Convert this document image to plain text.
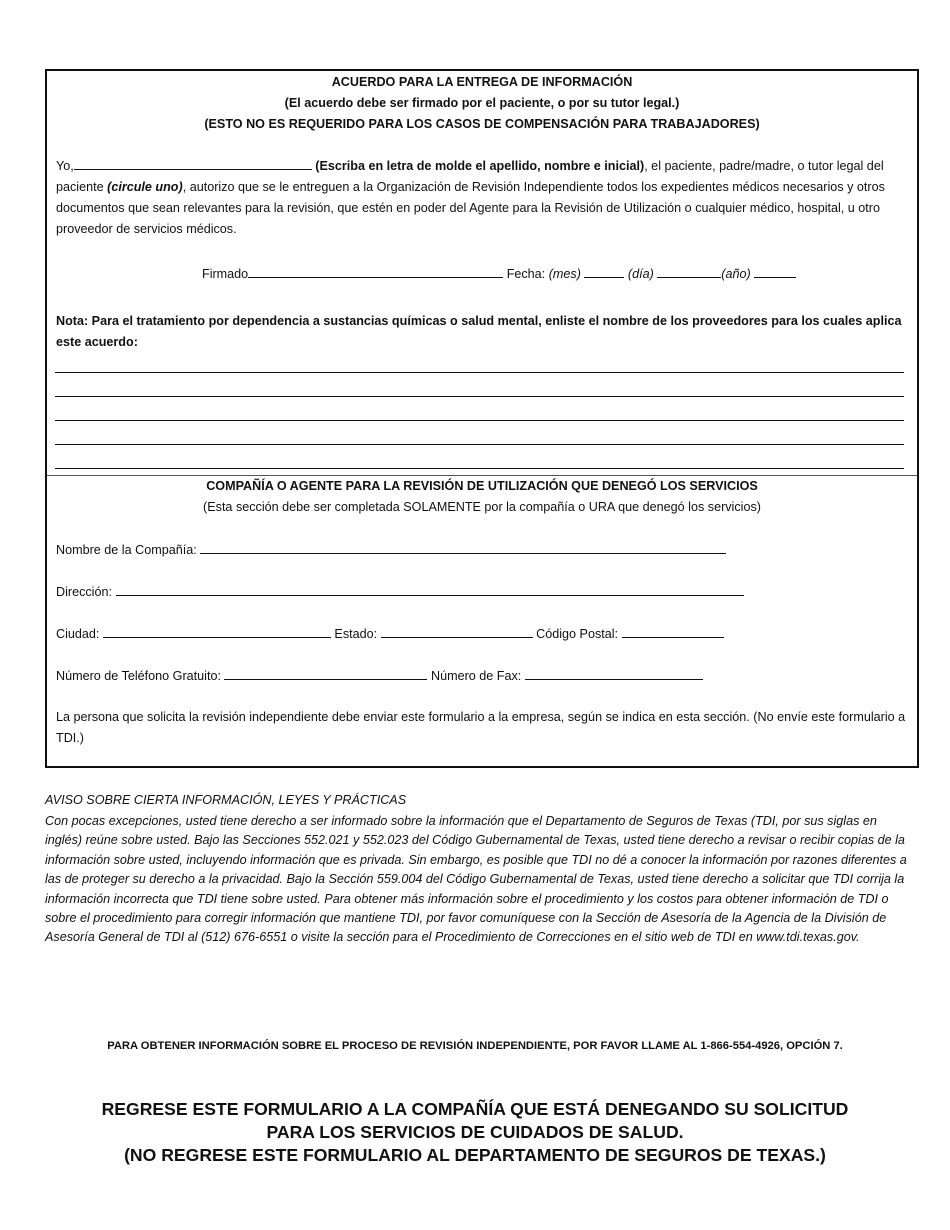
ACUERDO PARA LA ENTREGA DE INFORMACIÓN
(El acuerdo debe ser firmado por el paciente, o por su tutor legal.)
(ESTO NO ES REQUERIDO PARA LOS CASOS DE COMPENSACIÓN PARA TRABAJADORES)
Yo,	(Escriba en letra de molde el apellido, nombre e inicial), el paciente, padre/madre, o tutor legal del paciente (circule uno), autorizo que se le entreguen a la Organización de Revisión Independiente todos los expedientes médicos necesarios y otros documentos que sean relevantes para la revisión, que estén en poder del Agente para la Revisión de Utilización o cualquier médico, hospital, u otro proveedor de servicios médicos.
Firmado	Fecha: (mes)	(día)	(año)
Nota: Para el tratamiento por dependencia a sustancias químicas o salud mental, enliste el nombre de los proveedores para los cuales aplica este acuerdo:
COMPAÑÍA O AGENTE PARA LA REVISIÓN DE UTILIZACIÓN QUE DENEGÓ LOS SERVICIOS
(Esta sección debe ser completada SOLAMENTE por la compañía o URA que denegó los servicios)
Nombre de la Compañía:
Dirección:
Ciudad:	Estado:	Código Postal:
Número de Teléfono Gratuito:	Número de Fax:
La persona que solicita la revisión independiente debe enviar este formulario a la empresa, según se indica en esta sección. (No envíe este formulario a TDI.)
AVISO SOBRE CIERTA INFORMACIÓN, LEYES Y PRÁCTICAS
Con pocas excepciones, usted tiene derecho a ser informado sobre la información que el Departamento de Seguros de Texas (TDI, por sus siglas en inglés) reúne sobre usted. Bajo las Secciones 552.021 y 552.023 del Código Gubernamental de Texas, usted tiene derecho a revisar o recibir copias de la información sobre usted, incluyendo información que es privada. Sin embargo, es posible que TDI no dé a conocer la información por razones diferentes a las de proteger su derecho a la privacidad. Bajo la Sección 559.004 del Código Gubernamental de Texas, usted tiene derecho a solicitar que TDI corrija la información incorrecta que TDI tiene sobre usted. Para obtener más información sobre el procedimiento y los costos para obtener información de TDI o sobre el procedimiento para corregir información que mantiene TDI, por favor comuníquese con la Sección de Asesoría de la Agencia de la División de Asesoría General de TDI al (512) 676-6551 o visite la sección para el Procedimiento de Correcciones en el sitio web de TDI en www.tdi.texas.gov.
PARA OBTENER INFORMACIÓN SOBRE EL PROCESO DE REVISIÓN INDEPENDIENTE, POR FAVOR LLAME AL 1-866-554-4926, OPCIÓN 7.
REGRESE ESTE FORMULARIO A LA COMPAÑÍA QUE ESTÁ DENEGANDO SU SOLICITUD
PARA LOS SERVICIOS DE CUIDADOS DE SALUD.
(NO REGRESE ESTE FORMULARIO AL DEPARTAMENTO DE SEGUROS DE TEXAS.)
